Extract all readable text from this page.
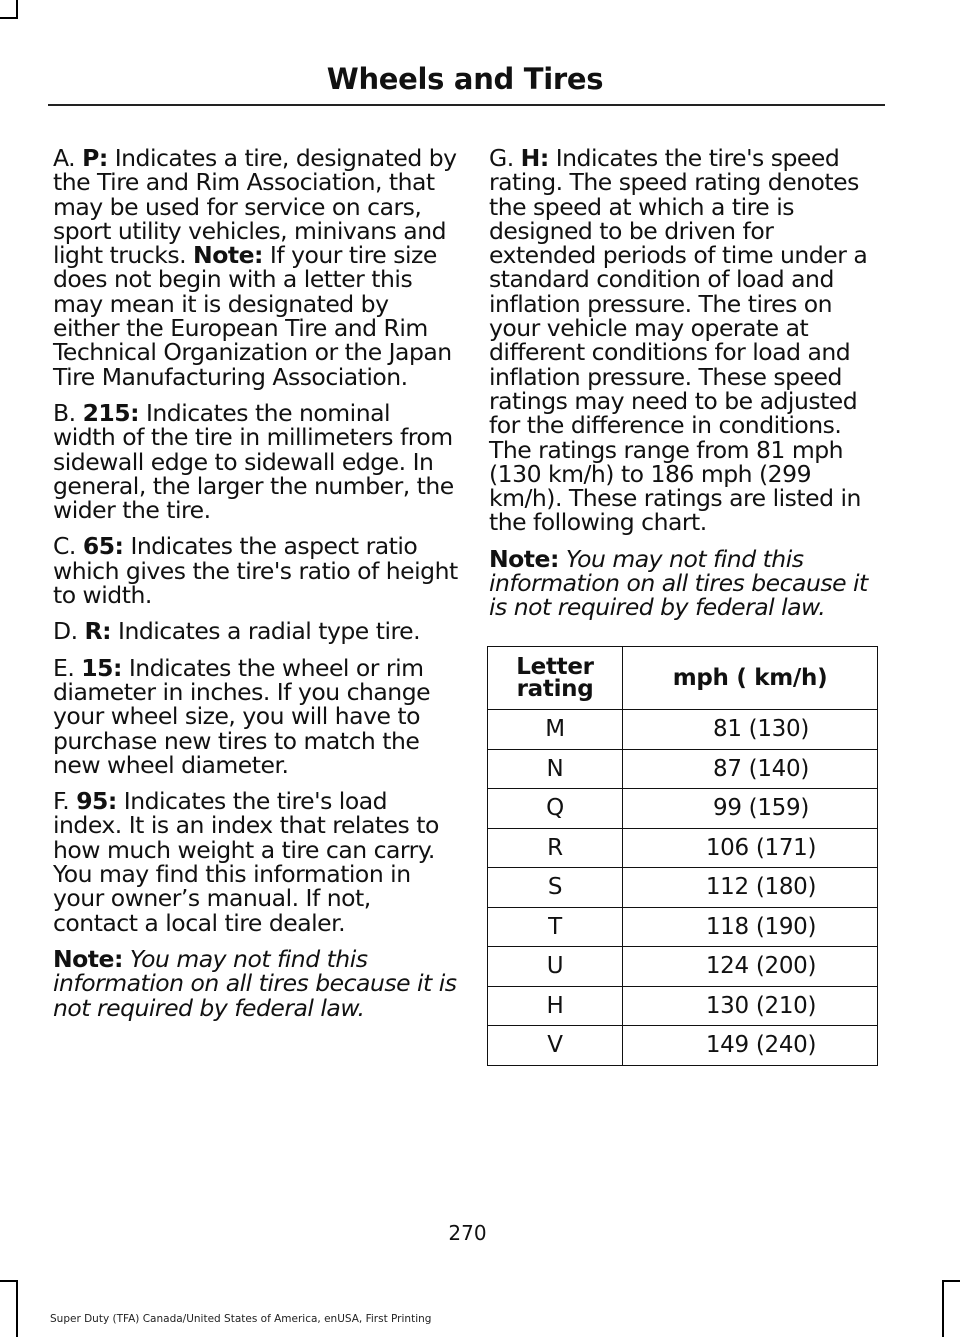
Wheels and Tires

A. P: Indicates a tire, designated by the Tire and Rim Association, that may be used for service on cars, sport utility vehicles, minivans and light trucks. Note: If your tire size does not begin with a letter this may mean it is designated by either the European Tire and Rim Technical Organization or the Japan Tire Manufacturing Association.

B. 215: Indicates the nominal width of the tire in millimeters from sidewall edge to sidewall edge. In general, the larger the number, the wider the tire.

C. 65: Indicates the aspect ratio which gives the tire's ratio of height to width.

D. R: Indicates a radial type tire.

E. 15: Indicates the wheel or rim diameter in inches. If you change your wheel size, you will have to purchase new tires to match the new wheel diameter.

F. 95: Indicates the tire's load index. It is an index that relates to how much weight a tire can carry. You may find this information in your owner’s manual. If not, contact a local tire dealer.

Note: You may not find this information on all tires because it is not required by federal law.

G. H: Indicates the tire's speed rating. The speed rating denotes the speed at which a tire is designed to be driven for extended periods of time under a standard condition of load and inflation pressure. The tires on your vehicle may operate at different conditions for load and inflation pressure. These speed ratings may need to be adjusted for the difference in conditions. The ratings range from 81 mph (130 km/h) to 186 mph (299 km/h). These ratings are listed in the following chart.

Note: You may not find this information on all tires because it is not required by federal law.

Letter rating	mph ( km/h)
M	81 (130)
N	87 (140)
Q	99 (159)
R	106 (171)
S	112 (180)
T	118 (190)
U	124 (200)
H	130 (210)
V	149 (240)
270
Super Duty (TFA) Canada/United States of America, enUSA, First Printing
